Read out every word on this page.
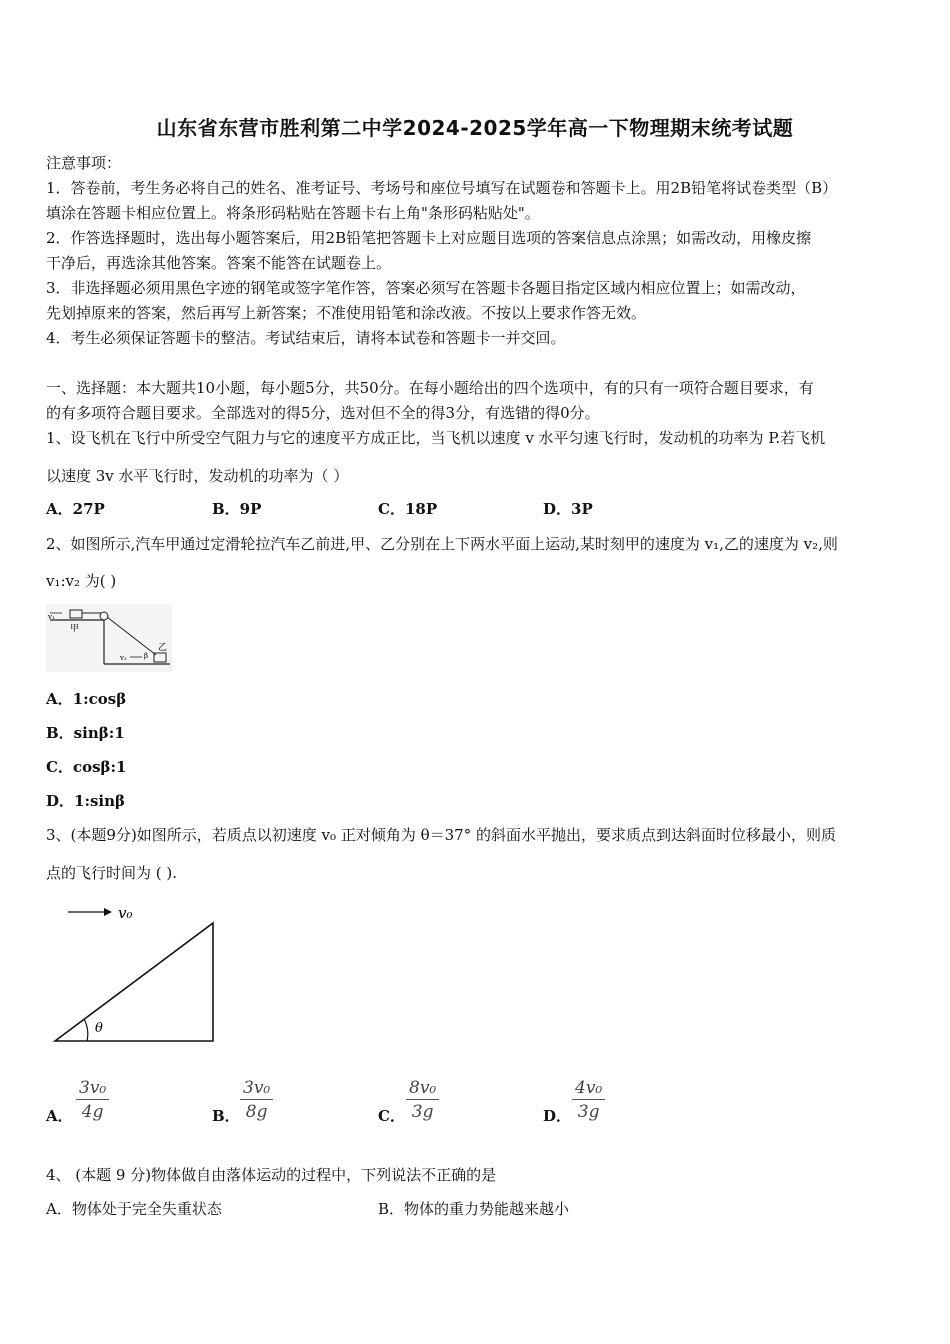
山东省东营市胜利第二中学2024-2025学年高一下物理期末统考试题
注意事项：
1．答卷前，考生务必将自己的姓名、准考证号、考场号和座位号填写在试题卷和答题卡上。用2B铅笔将试卷类型（B）
填涂在答题卡相应位置上。将条形码粘贴在答题卡右上角"条形码粘贴处"。
2．作答选择题时，选出每小题答案后，用2B铅笔把答题卡上对应题目选项的答案信息点涂黑；如需改动，用橡皮擦
干净后，再选涂其他答案。答案不能答在试题卷上。
3．非选择题必须用黑色字迹的钢笔或签字笔作答，答案必须写在答题卡各题目指定区域内相应位置上；如需改动，
先划掉原来的答案，然后再写上新答案；不准使用铅笔和涂改液。不按以上要求作答无效。
4．考生必须保证答题卡的整洁。考试结束后，请将本试卷和答题卡一并交回。
一、选择题：本大题共10小题，每小题5分，共50分。在每小题给出的四个选项中，有的只有一项符合题目要求，有
的有多项符合题目要求。全部选对的得5分，选对但不全的得3分，有选错的得0分。
1、设飞机在飞行中所受空气阻力与它的速度平方成正比，当飞机以速度 v 水平匀速飞行时，发动机的功率为 P.若飞机
以速度 3v 水平飞行时，发动机的功率为（ ）
A．27P	B．9P	C．18P	D．3P
2、如图所示,汽车甲通过定滑轮拉汽车乙前进,甲、乙分别在上下两水平面上运动,某时刻甲的速度为 v₁,乙的速度为 v₂,则
v₁:v₂ 为( )
甲
乙
v₁
v₂ β
A．1:cosβ
B．sinβ:1
C．cosβ:1
D．1:sinβ
3、(本题9分)如图所示，若质点以初速度 v₀ 正对倾角为 θ＝37° 的斜面水平抛出，要求质点到达斜面时位移最小，则质
点的飞行时间为 ( ).
v₀
θ
A． $\frac{\text{3v₀}}{4g}$	B． $\frac{\text{3v₀}}{8g}$	C． $\frac{\text{8v₀}}{3g}$	D． $\frac{\text{4v₀}}{3g}$
4、 (本题 9 分)物体做自由落体运动的过程中，下列说法不正确的是
A．物体处于完全失重状态	B．物体的重力势能越来越小
